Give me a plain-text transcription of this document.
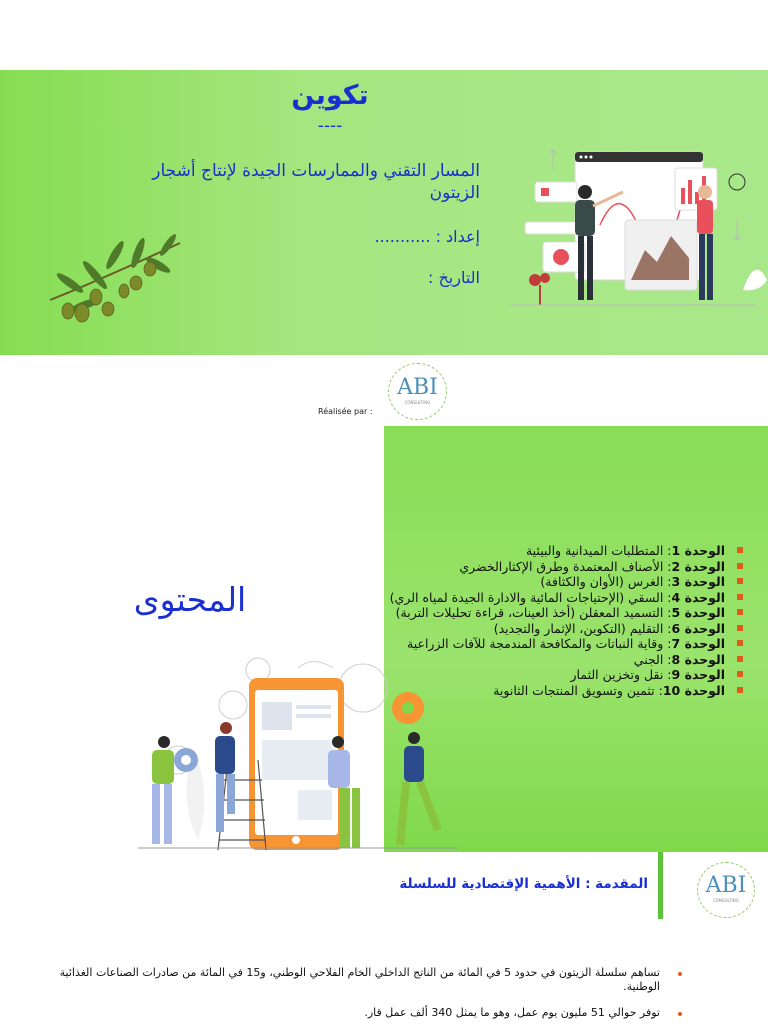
تكوين
----
المسار التقني والممارسات الجيدة لإنتاج أشجار الزيتون
إعداد : ...........
التاريخ :
Réalisée par :
ABI
CONSULTING
المحتوى
الوحدة 1: المتطلبات الميدانية والبيئية
الوحدة 2: الأصناف المعتمدة وطرق الإكثارالخضري
الوحدة 3: الغرس (الأوان والكثافة)
الوحدة 4: السقي (الإحتياجات المائية والادارة الجيدة لمياه الري)
الوحدة 5: التسميد المعقلن (أخذ العينات، قراءة تحليلات التربة)
الوحدة 6: التقليم (التكوين، الإثمار والتجديد)
الوحدة 7: وقاية النباتات والمكافحة المندمجة للآفات الزراعية
الوحدة 8: الجني
الوحدة 9: نقل وتخزين الثمار
الوحدة 10: تثمين وتسويق المنتجات الثانوية
المقدمة : الأهمية الإقتصادية للسلسلة	ABI
CONSULTING
تساهم سلسلة الزيتون في حدود 5 في المائة من الناتج الداخلي الخام الفلاحي الوطني، و15 في المائة من صادرات الصناعات الغذائية الوطنية.
توفر حوالي 51 مليون يوم عمل، وهو ما يمثل 340 ألف عمل قار.
